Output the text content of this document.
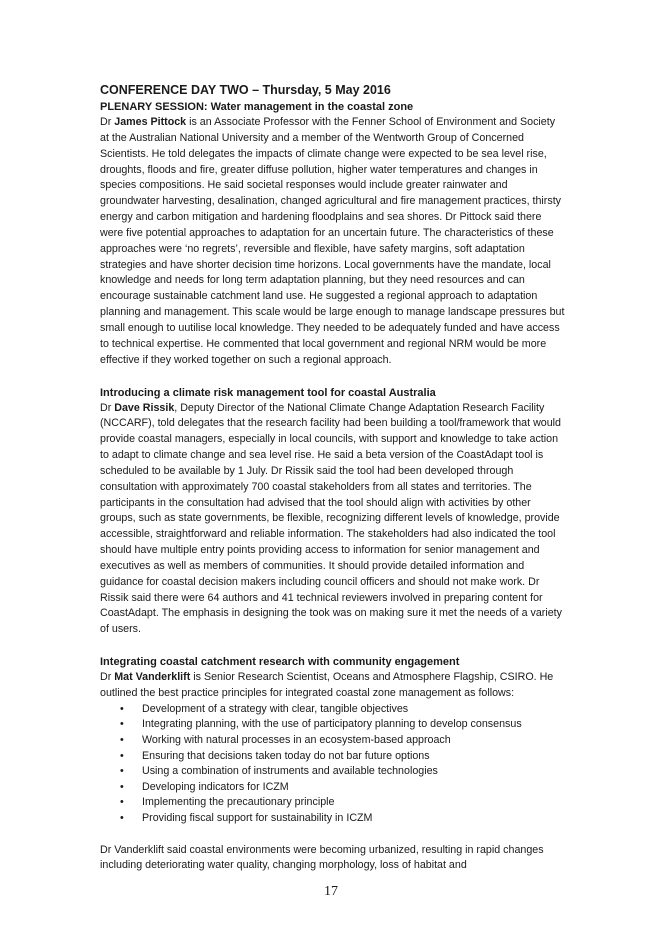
CONFERENCE DAY TWO – Thursday, 5 May 2016

PLENARY SESSION: Water management in the coastal zone

Dr James Pittock is an Associate Professor with the Fenner School of Environment and Society at the Australian National University and a member of the Wentworth Group of Concerned Scientists. He told delegates the impacts of climate change were expected to be sea level rise, droughts, floods and fire, greater diffuse pollution, higher water temperatures and changes in species compositions. He said societal responses would include greater rainwater and groundwater harvesting, desalination, changed agricultural and fire management practices, thirsty energy and carbon mitigation and hardening floodplains and sea shores. Dr Pittock said there were five potential approaches to adaptation for an uncertain future. The characteristics of these approaches were ‘no regrets’, reversible and flexible, have safety margins, soft adaptation strategies and have shorter decision time horizons. Local governments have the mandate, local knowledge and needs for long term adaptation planning, but they need resources and can encourage sustainable catchment land use. He suggested a regional approach to adaptation planning and management. This scale would be large enough to manage landscape pressures but small enough to uutilise local knowledge. They needed to be adequately funded and have access to technical expertise. He commented that local government and regional NRM would be more effective if they worked together on such a regional approach.

Introducing a climate risk management tool for coastal Australia

Dr Dave Rissik, Deputy Director of the National Climate Change Adaptation Research Facility (NCCARF), told delegates that the research facility had been building a tool/framework that would provide coastal managers, especially in local councils, with support and knowledge to take action to adapt to climate change and sea level rise. He said a beta version of the CoastAdapt tool is scheduled to be available by 1 July. Dr Rissik said the tool had been developed through consultation with approximately 700 coastal stakeholders from all states and territories. The participants in the consultation had advised that the tool should align with activities by other groups, such as state governments, be flexible, recognizing different levels of knowledge, provide accessible, straightforward and reliable information. The stakeholders had also indicated the tool should have multiple entry points providing access to information for senior management and executives as well as members of communities. It should provide detailed information and guidance for coastal decision makers including council officers and should not make work. Dr Rissik said there were 64 authors and 41 technical reviewers involved in preparing content for CoastAdapt. The emphasis in designing the took was on making sure it met the needs of a variety of users.

Integrating coastal catchment research with community engagement

Dr Mat Vanderklift is Senior Research Scientist, Oceans and Atmosphere Flagship, CSIRO. He outlined the best practice principles for integrated coastal zone management as follows:

• Development of a strategy with clear, tangible objectives
• Integrating planning, with the use of participatory planning to develop consensus
• Working with natural processes in an ecosystem-based approach
• Ensuring that decisions taken today do not bar future options
• Using a combination of instruments and available technologies
• Developing indicators for ICZM
• Implementing the precautionary principle
• Providing fiscal support for sustainability in ICZM

Dr Vanderklift said coastal environments were becoming urbanized, resulting in rapid changes including deteriorating water quality, changing morphology, loss of habitat and

17
